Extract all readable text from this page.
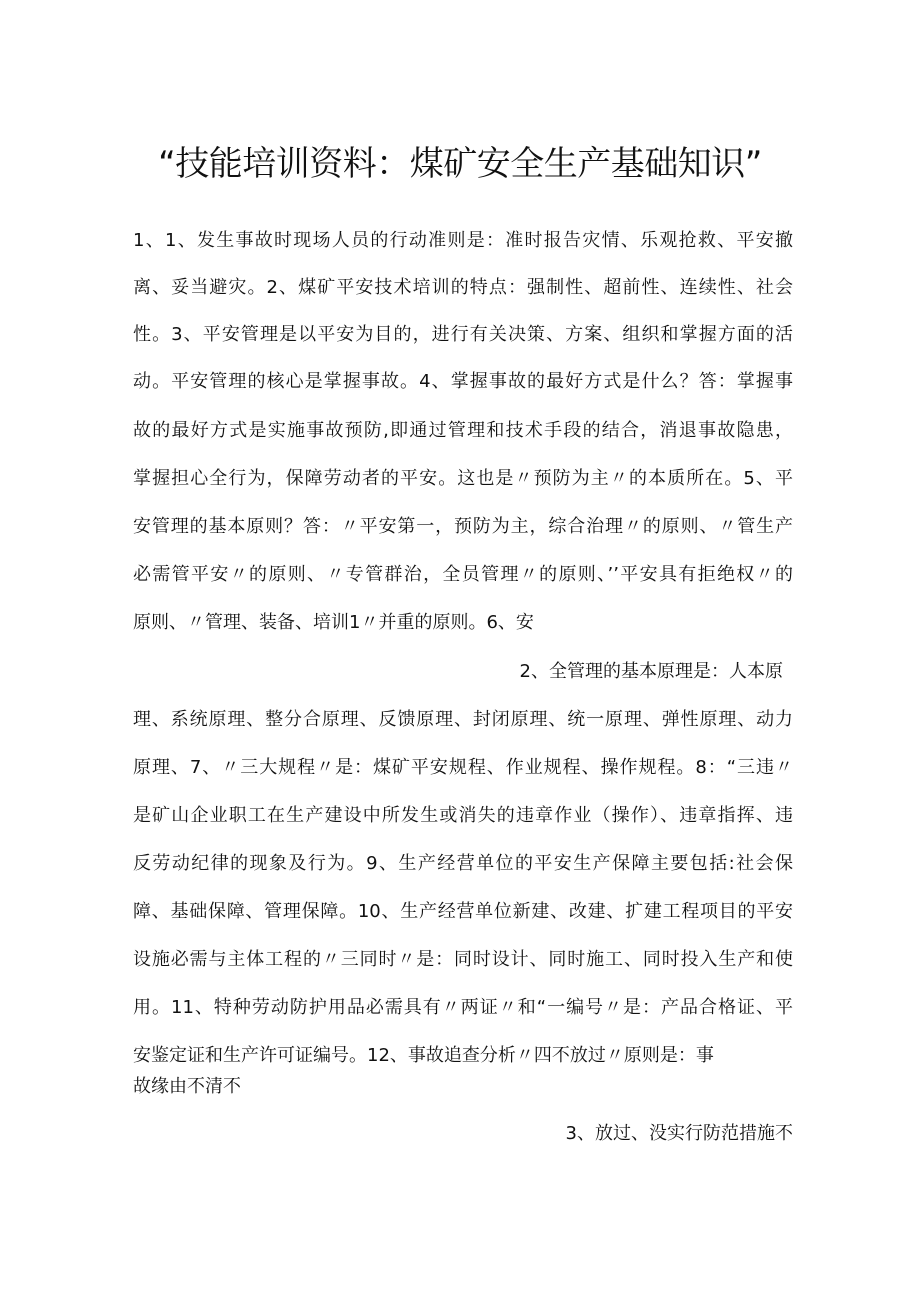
“技能培训资料：煤矿安全生产基础知识”

1、1、发生事故时现场人员的行动准则是：准时报告灾情、乐观抢救、平安撤

离、妥当避灾。2、煤矿平安技术培训的特点：强制性、超前性、连续性、社会

性。3、平安管理是以平安为目的，进行有关决策、方案、组织和掌握方面的活

动。平安管理的核心是掌握事故。4、掌握事故的最好方式是什么？答：掌握事

故的最好方式是实施事故预防,即通过管理和技术手段的结合，消退事故隐患，

掌握担心全行为，保障劳动者的平安。这也是〃预防为主〃的本质所在。5、平

安管理的基本原则？答：〃平安第一，预防为主，综合治理〃的原则、〃管生产

必需管平安〃的原则、〃专管群治，全员管理〃的原则、’’平安具有拒绝权〃的

原则、〃管理、装备、培训1〃并重的原则。6、安

2、全管理的基本原理是：人本原

理、系统原理、整分合原理、反馈原理、封闭原理、统一原理、弹性原理、动力

原理、7、〃三大规程〃是：煤矿平安规程、作业规程、操作规程。8：“三违〃

是矿山企业职工在生产建设中所发生或消失的违章作业（操作）、违章指挥、违

反劳动纪律的现象及行为。9、生产经营单位的平安生产保障主要包括:社会保

障、基础保障、管理保障。10、生产经营单位新建、改建、扩建工程项目的平安

设施必需与主体工程的〃三同时〃是：同时设计、同时施工、同时投入生产和使

用。11、特种劳动防护用品必需具有〃两证〃和“一编号〃是：产品合格证、平

安鉴定证和生产许可证编号。12、事故追查分析〃四不放过〃原则是：事

故缘由不清不

3、放过、没实行防范措施不
